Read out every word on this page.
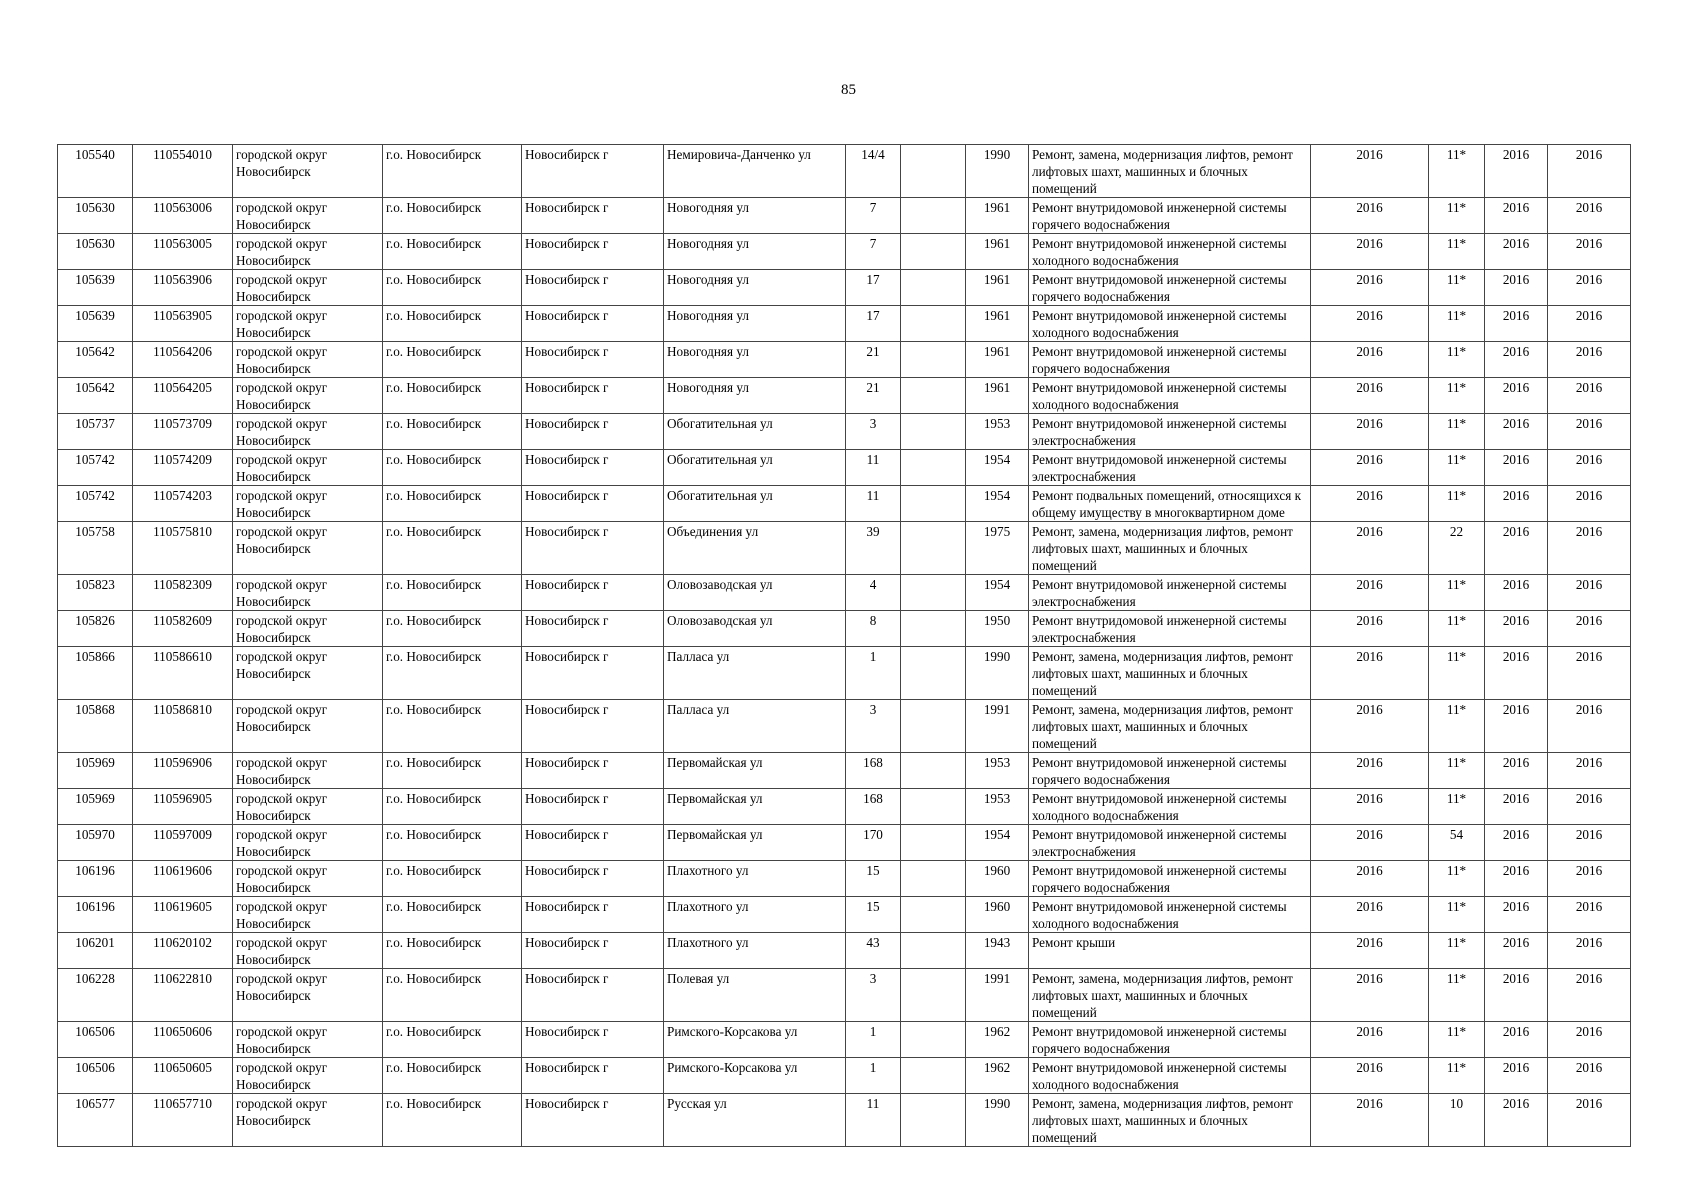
85
105540	110554010	городской округ Новосибирск	г.о. Новосибирск	Новосибирск г	Немировича-Данченко ул	14/4		1990	Ремонт, замена, модернизация лифтов, ремонт лифтовых шахт, машинных и блочных помещений	2016	11*	2016	2016
105630	110563006	городской округ Новосибирск	г.о. Новосибирск	Новосибирск г	Новогодняя ул	7		1961	Ремонт внутридомовой инженерной системы горячего водоснабжения	2016	11*	2016	2016
105630	110563005	городской округ Новосибирск	г.о. Новосибирск	Новосибирск г	Новогодняя ул	7		1961	Ремонт внутридомовой инженерной системы холодного водоснабжения	2016	11*	2016	2016
105639	110563906	городской округ Новосибирск	г.о. Новосибирск	Новосибирск г	Новогодняя ул	17		1961	Ремонт внутридомовой инженерной системы горячего водоснабжения	2016	11*	2016	2016
105639	110563905	городской округ Новосибирск	г.о. Новосибирск	Новосибирск г	Новогодняя ул	17		1961	Ремонт внутридомовой инженерной системы холодного водоснабжения	2016	11*	2016	2016
105642	110564206	городской округ Новосибирск	г.о. Новосибирск	Новосибирск г	Новогодняя ул	21		1961	Ремонт внутридомовой инженерной системы горячего водоснабжения	2016	11*	2016	2016
105642	110564205	городской округ Новосибирск	г.о. Новосибирск	Новосибирск г	Новогодняя ул	21		1961	Ремонт внутридомовой инженерной системы холодного водоснабжения	2016	11*	2016	2016
105737	110573709	городской округ Новосибирск	г.о. Новосибирск	Новосибирск г	Обогатительная ул	3		1953	Ремонт внутридомовой инженерной системы электроснабжения	2016	11*	2016	2016
105742	110574209	городской округ Новосибирск	г.о. Новосибирск	Новосибирск г	Обогатительная ул	11		1954	Ремонт внутридомовой инженерной системы электроснабжения	2016	11*	2016	2016
105742	110574203	городской округ Новосибирск	г.о. Новосибирск	Новосибирск г	Обогатительная ул	11		1954	Ремонт подвальных помещений, относящихся к общему имуществу в многоквартирном доме	2016	11*	2016	2016
105758	110575810	городской округ Новосибирск	г.о. Новосибирск	Новосибирск г	Объединения ул	39		1975	Ремонт, замена, модернизация лифтов, ремонт лифтовых шахт, машинных и блочных помещений	2016	22	2016	2016
105823	110582309	городской округ Новосибирск	г.о. Новосибирск	Новосибирск г	Оловозаводская ул	4		1954	Ремонт внутридомовой инженерной системы электроснабжения	2016	11*	2016	2016
105826	110582609	городской округ Новосибирск	г.о. Новосибирск	Новосибирск г	Оловозаводская ул	8		1950	Ремонт внутридомовой инженерной системы электроснабжения	2016	11*	2016	2016
105866	110586610	городской округ Новосибирск	г.о. Новосибирск	Новосибирск г	Палласа ул	1		1990	Ремонт, замена, модернизация лифтов, ремонт лифтовых шахт, машинных и блочных помещений	2016	11*	2016	2016
105868	110586810	городской округ Новосибирск	г.о. Новосибирск	Новосибирск г	Палласа ул	3		1991	Ремонт, замена, модернизация лифтов, ремонт лифтовых шахт, машинных и блочных помещений	2016	11*	2016	2016
105969	110596906	городской округ Новосибирск	г.о. Новосибирск	Новосибирск г	Первомайская ул	168		1953	Ремонт внутридомовой инженерной системы горячего водоснабжения	2016	11*	2016	2016
105969	110596905	городской округ Новосибирск	г.о. Новосибирск	Новосибирск г	Первомайская ул	168		1953	Ремонт внутридомовой инженерной системы холодного водоснабжения	2016	11*	2016	2016
105970	110597009	городской округ Новосибирск	г.о. Новосибирск	Новосибирск г	Первомайская ул	170		1954	Ремонт внутридомовой инженерной системы электроснабжения	2016	54	2016	2016
106196	110619606	городской округ Новосибирск	г.о. Новосибирск	Новосибирск г	Плахотного ул	15		1960	Ремонт внутридомовой инженерной системы горячего водоснабжения	2016	11*	2016	2016
106196	110619605	городской округ Новосибирск	г.о. Новосибирск	Новосибирск г	Плахотного ул	15		1960	Ремонт внутридомовой инженерной системы холодного водоснабжения	2016	11*	2016	2016
106201	110620102	городской округ Новосибирск	г.о. Новосибирск	Новосибирск г	Плахотного ул	43		1943	Ремонт крыши	2016	11*	2016	2016
106228	110622810	городской округ Новосибирск	г.о. Новосибирск	Новосибирск г	Полевая ул	3		1991	Ремонт, замена, модернизация лифтов, ремонт лифтовых шахт, машинных и блочных помещений	2016	11*	2016	2016
106506	110650606	городской округ Новосибирск	г.о. Новосибирск	Новосибирск г	Римского-Корсакова ул	1		1962	Ремонт внутридомовой инженерной системы горячего водоснабжения	2016	11*	2016	2016
106506	110650605	городской округ Новосибирск	г.о. Новосибирск	Новосибирск г	Римского-Корсакова ул	1		1962	Ремонт внутридомовой инженерной системы холодного водоснабжения	2016	11*	2016	2016
106577	110657710	городской округ Новосибирск	г.о. Новосибирск	Новосибирск г	Русская ул	11		1990	Ремонт, замена, модернизация лифтов, ремонт лифтовых шахт, машинных и блочных помещений	2016	10	2016	2016
